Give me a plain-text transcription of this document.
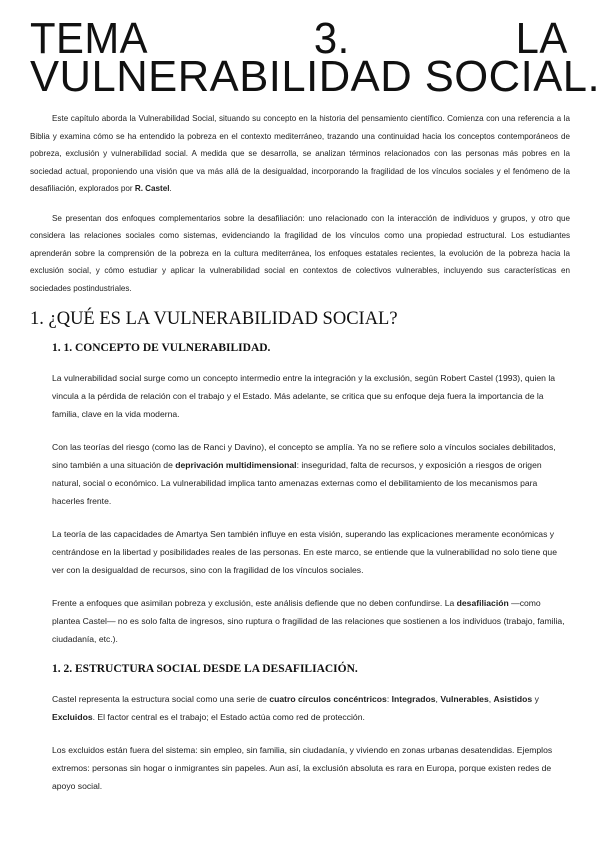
TEMA	3.	LA
VULNERABILIDAD SOCIAL.

Este capítulo aborda la Vulnerabilidad Social, situando su concepto en la historia del pensamiento científico. Comienza con una referencia a la Biblia y examina cómo se ha entendido la pobreza en el contexto mediterráneo, trazando una continuidad hacia los conceptos contemporáneos de pobreza, exclusión y vulnerabilidad social. A medida que se desarrolla, se analizan términos relacionados con las personas más pobres en la sociedad actual, proponiendo una visión que va más allá de la desigualdad, incorporando la fragilidad de los vínculos sociales y el fenómeno de la desafiliación, explorados por R. Castel.

Se presentan dos enfoques complementarios sobre la desafiliación: uno relacionado con la interacción de individuos y grupos, y otro que considera las relaciones sociales como sistemas, evidenciando la fragilidad de los vínculos como una propiedad estructural. Los estudiantes aprenderán sobre la comprensión de la pobreza en la cultura mediterránea, los enfoques estatales recientes, la evolución de la pobreza hacia la exclusión social, y cómo estudiar y aplicar la vulnerabilidad social en contextos de colectivos vulnerables, incluyendo sus características en sociedades postindustriales.

1. ¿QUÉ ES LA VULNERABILIDAD SOCIAL?
1. 1. CONCEPTO DE VULNERABILIDAD.

La vulnerabilidad social surge como un concepto intermedio entre la integración y la exclusión, según Robert Castel (1993), quien la vincula a la pérdida de relación con el trabajo y el Estado. Más adelante, se critica que su enfoque deja fuera la importancia de la familia, clave en la vida moderna.

Con las teorías del riesgo (como las de Ranci y Davino), el concepto se amplía. Ya no se refiere solo a vínculos sociales debilitados, sino también a una situación de deprivación multidimensional: inseguridad, falta de recursos, y exposición a riesgos de origen natural, social o económico. La vulnerabilidad implica tanto amenazas externas como el debilitamiento de los mecanismos para hacerles frente.

La teoría de las capacidades de Amartya Sen también influye en esta visión, superando las explicaciones meramente económicas y centrándose en la libertad y posibilidades reales de las personas. En este marco, se entiende que la vulnerabilidad no solo tiene que ver con la desigualdad de recursos, sino con la fragilidad de los vínculos sociales.

Frente a enfoques que asimilan pobreza y exclusión, este análisis defiende que no deben confundirse. La desafiliación —como plantea Castel— no es solo falta de ingresos, sino ruptura o fragilidad de las relaciones que sostienen a los individuos (trabajo, familia, ciudadanía, etc.).

1. 2. ESTRUCTURA SOCIAL DESDE LA DESAFILIACIÓN.

Castel representa la estructura social como una serie de cuatro círculos concéntricos: Integrados, Vulnerables, Asistidos y Excluidos. El factor central es el trabajo; el Estado actúa como red de protección.

Los excluidos están fuera del sistema: sin empleo, sin familia, sin ciudadanía, y viviendo en zonas urbanas desatendidas. Ejemplos extremos: personas sin hogar o inmigrantes sin papeles. Aun así, la exclusión absoluta es rara en Europa, porque existen redes de apoyo social.
